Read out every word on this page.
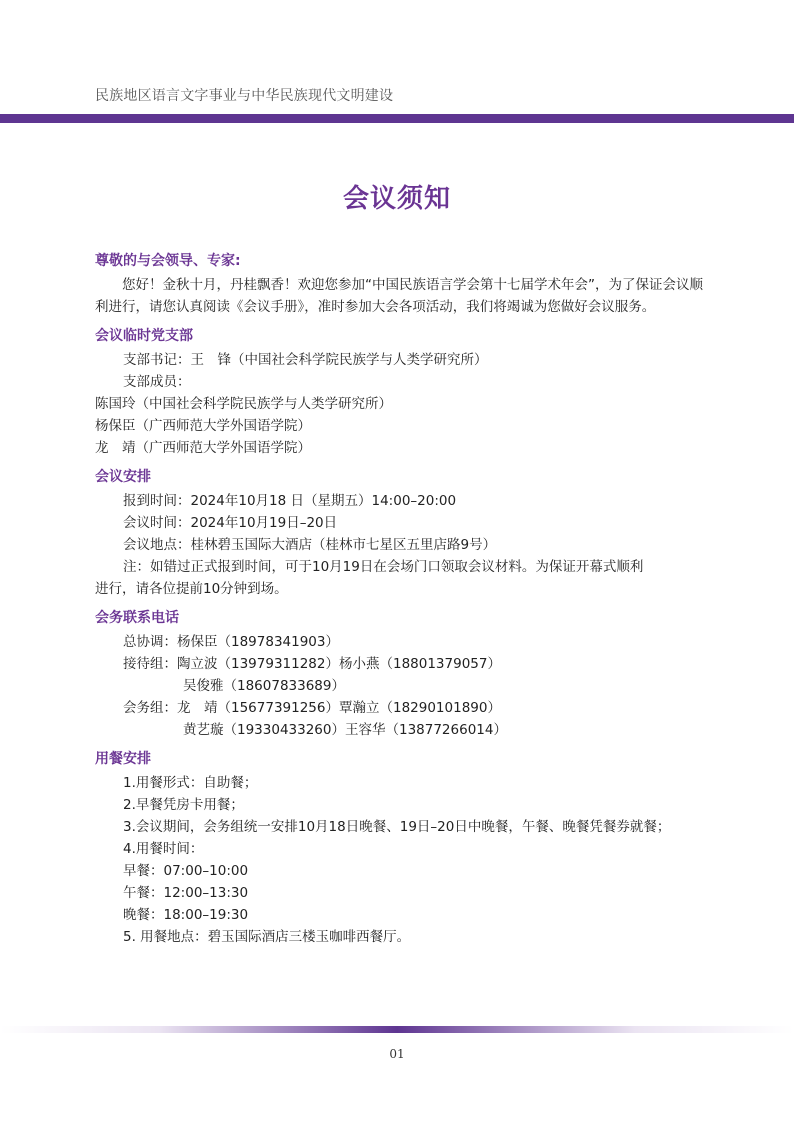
民族地区语言文字事业与中华民族现代文明建设
会议须知
尊敬的与会领导、专家:
您好！金秋十月，丹桂飘香！欢迎您参加“中国民族语言学会第十七届学术年会”，为了保证会议顺利进行，请您认真阅读《会议手册》，准时参加大会各项活动，我们将竭诚为您做好会议服务。
会议临时党支部
支部书记：王　锋（中国社会科学院民族学与人类学研究所）
支部成员：
陈国玲（中国社会科学院民族学与人类学研究所）
杨保臣（广西师范大学外国语学院）
龙　靖（广西师范大学外国语学院）
会议安排
报到时间：2024年10月18 日（星期五）14:00–20:00
会议时间：2024年10月19日–20日
会议地点：桂林碧玉国际大酒店（桂林市七星区五里店路9号）
注：如错过正式报到时间，可于10月19日在会场门口领取会议材料。为保证开幕式顺利
进行，请各位提前10分钟到场。
会务联系电话
总协调：杨保臣（18978341903）
接待组：陶立波（13979311282）杨小燕（18801379057）
吴俊雅（18607833689）
会务组：龙　靖（15677391256）覃瀚立（18290101890）
黄艺璇（19330433260）王容华（13877266014）
用餐安排
1.用餐形式：自助餐；
2.早餐凭房卡用餐；
3.会议期间，会务组统一安排10月18日晚餐、19日–20日中晚餐，午餐、晚餐凭餐券就餐；
4.用餐时间：
早餐：07:00–10:00
午餐：12:00–13:30
晚餐：18:00–19:30
5. 用餐地点：碧玉国际酒店三楼玉咖啡西餐厅。
01
